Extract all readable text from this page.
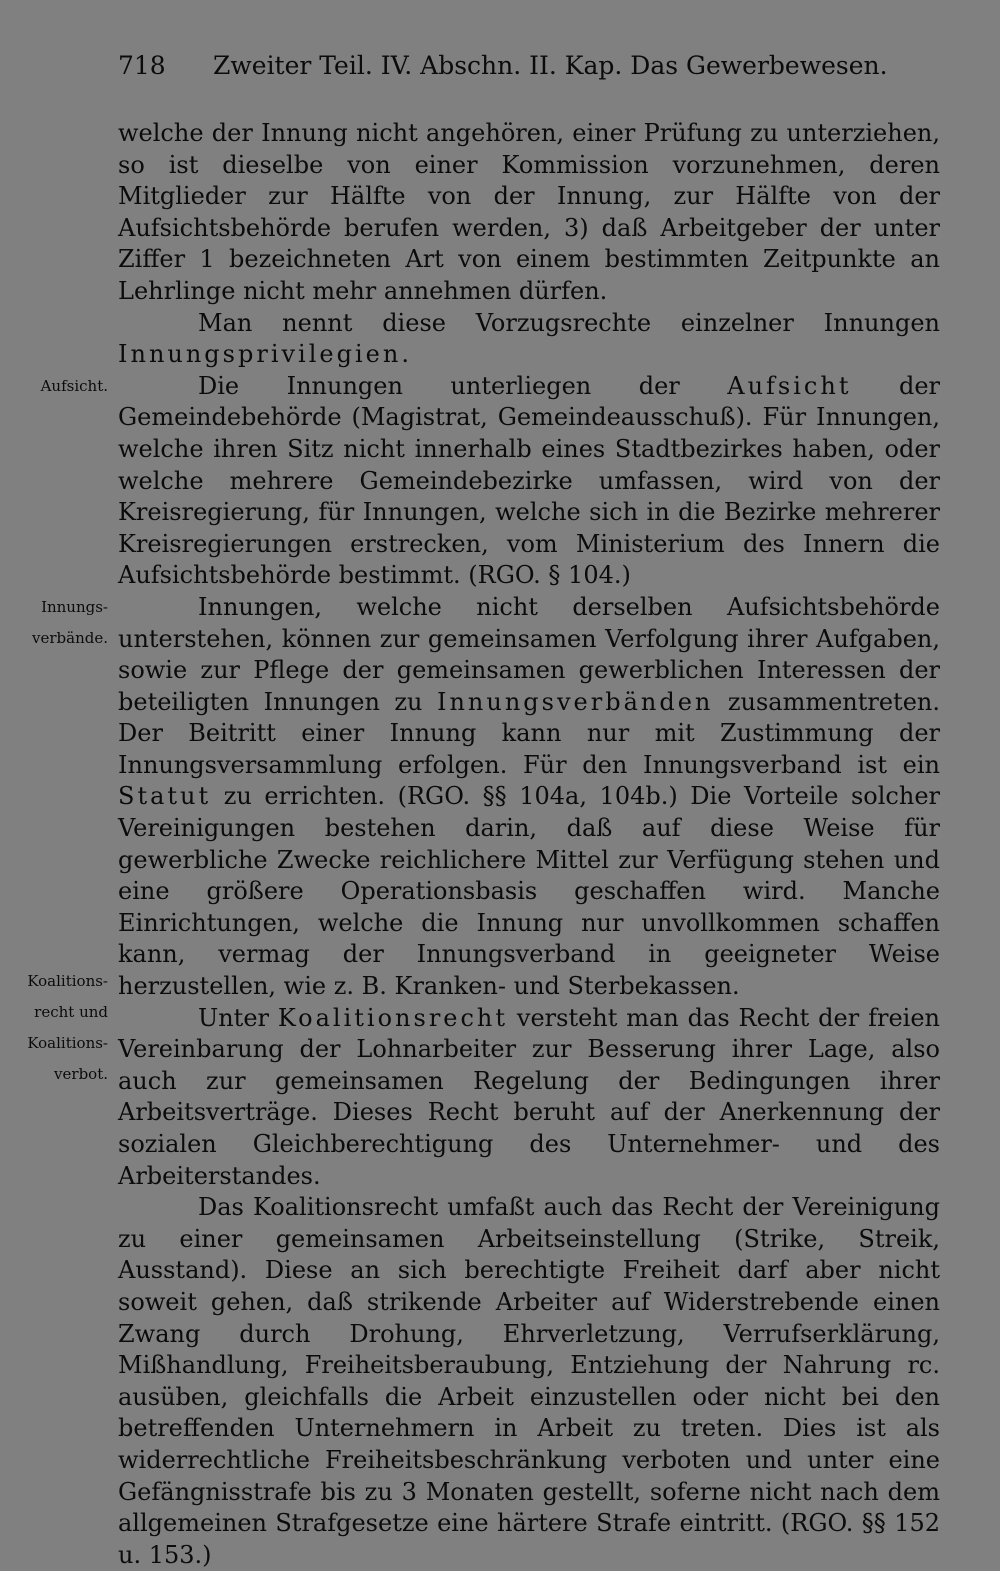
718 Zweiter Teil. IV. Abschn. II. Kap. Das Gewerbewesen.

welche der Innung nicht angehören, einer Prüfung zu unterziehen, so ist dieselbe von einer Kommission vorzunehmen, deren Mitglieder zur Hälfte von der Innung, zur Hälfte von der Aufsichtsbehörde berufen werden, 3) daß Arbeitgeber der unter Ziffer 1 bezeichneten Art von einem bestimmten Zeitpunkte an Lehrlinge nicht mehr annehmen dürfen.

Man nennt diese Vorzugsrechte einzelner Innungen Innungsprivilegien.

Die Innungen unterliegen der Aufsicht der Gemeindebehörde (Magistrat, Gemeindeausschuß). Für Innungen, welche ihren Sitz nicht innerhalb eines Stadtbezirkes haben, oder welche mehrere Gemeindebezirke umfassen, wird von der Kreisregierung, für Innungen, welche sich in die Bezirke mehrerer Kreisregierungen erstrecken, vom Ministerium des Innern die Aufsichtsbehörde bestimmt. (RGO. § 104.)

Innungen, welche nicht derselben Aufsichtsbehörde unterstehen, können zur gemeinsamen Verfolgung ihrer Aufgaben, sowie zur Pflege der gemeinsamen gewerblichen Interessen der beteiligten Innungen zu Innungsverbänden zusammentreten. Der Beitritt einer Innung kann nur mit Zustimmung der Innungsversammlung erfolgen. Für den Innungsverband ist ein Statut zu errichten. (RGO. §§ 104a, 104b.) Die Vorteile solcher Vereinigungen bestehen darin, daß auf diese Weise für gewerbliche Zwecke reichlichere Mittel zur Verfügung stehen und eine größere Operationsbasis geschaffen wird. Manche Einrichtungen, welche die Innung nur unvollkommen schaffen kann, vermag der Innungsverband in geeigneter Weise herzustellen, wie z. B. Kranken- und Sterbekassen.

Unter Koalitionsrecht versteht man das Recht der freien Vereinbarung der Lohnarbeiter zur Besserung ihrer Lage, also auch zur gemeinsamen Regelung der Bedingungen ihrer Arbeitsverträge. Dieses Recht beruht auf der Anerkennung der sozialen Gleichberechtigung des Unternehmer- und des Arbeiterstandes.

Das Koalitionsrecht umfaßt auch das Recht der Vereinigung zu einer gemeinsamen Arbeitseinstellung (Strike, Streik, Ausstand). Diese an sich berechtigte Freiheit darf aber nicht soweit gehen, daß strikende Arbeiter auf Widerstrebende einen Zwang durch Drohung, Ehrverletzung, Verrufserklärung, Mißhandlung, Freiheitsberaubung, Entziehung der Nahrung rc. ausüben, gleichfalls die Arbeit einzustellen oder nicht bei den betreffenden Unternehmern in Arbeit zu treten. Dies ist als widerrechtliche Freiheitsbeschränkung verboten und unter eine Gefängnisstrafe bis zu 3 Monaten gestellt, soferne nicht nach dem allgemeinen Strafgesetze eine härtere Strafe eintritt. (RGO. §§ 152 u. 153.)

Aufsicht.
Innungs-
verbände.
Koalitions-
recht und
Koalitions-
verbot.
